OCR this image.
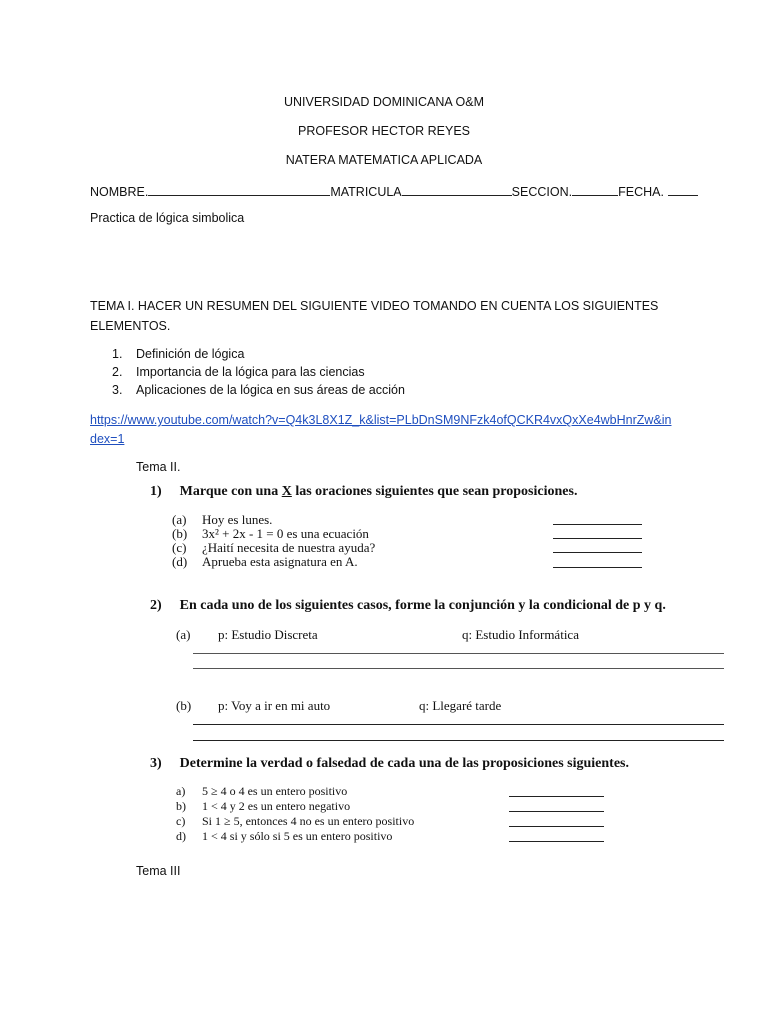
UNIVERSIDAD DOMINICANA O&M
PROFESOR HECTOR REYES
NATERA MATEMATICA APLICADA
NOMBRE.	MATRICULA	SECCION.	FECHA.
Practica de lógica simbolica
TEMA I. HACER UN RESUMEN DEL SIGUIENTE VIDEO TOMANDO EN CUENTA LOS SIGUIENTES
ELEMENTOS.
1. Definición de lógica
2. Importancia de la lógica para las ciencias
3. Aplicaciones de la lógica en sus áreas de acción
https://www.youtube.com/watch?v=Q4k3L8X1Z_k&list=PLbDnSM9NFzk4ofQCKR4vxQxXe4wbHnrZw&in
dex=1
Tema II.
1) Marque con una X las oraciones siguientes que sean proposiciones.
(a) Hoy es lunes.
(b) 3x² + 2x - 1 = 0 es una ecuación
(c) ¿Haití necesita de nuestra ayuda?
(d) Aprueba esta asignatura en A.
2) En cada uno de los siguientes casos, forme la conjunción y la condicional de p y q.
(a) p: Estudio Discreta	q: Estudio Informática
(b) p: Voy a ir en mi auto	q: Llegaré tarde
3) Determine la verdad o falsedad de cada una de las proposiciones siguientes.
a) 5 ≥ 4 o 4 es un entero positivo
b) 1 < 4 y 2 es un entero negativo
c) Si 1 ≥ 5, entonces 4 no es un entero positivo
d) 1 < 4 si y sólo si 5 es un entero positivo
Tema III
